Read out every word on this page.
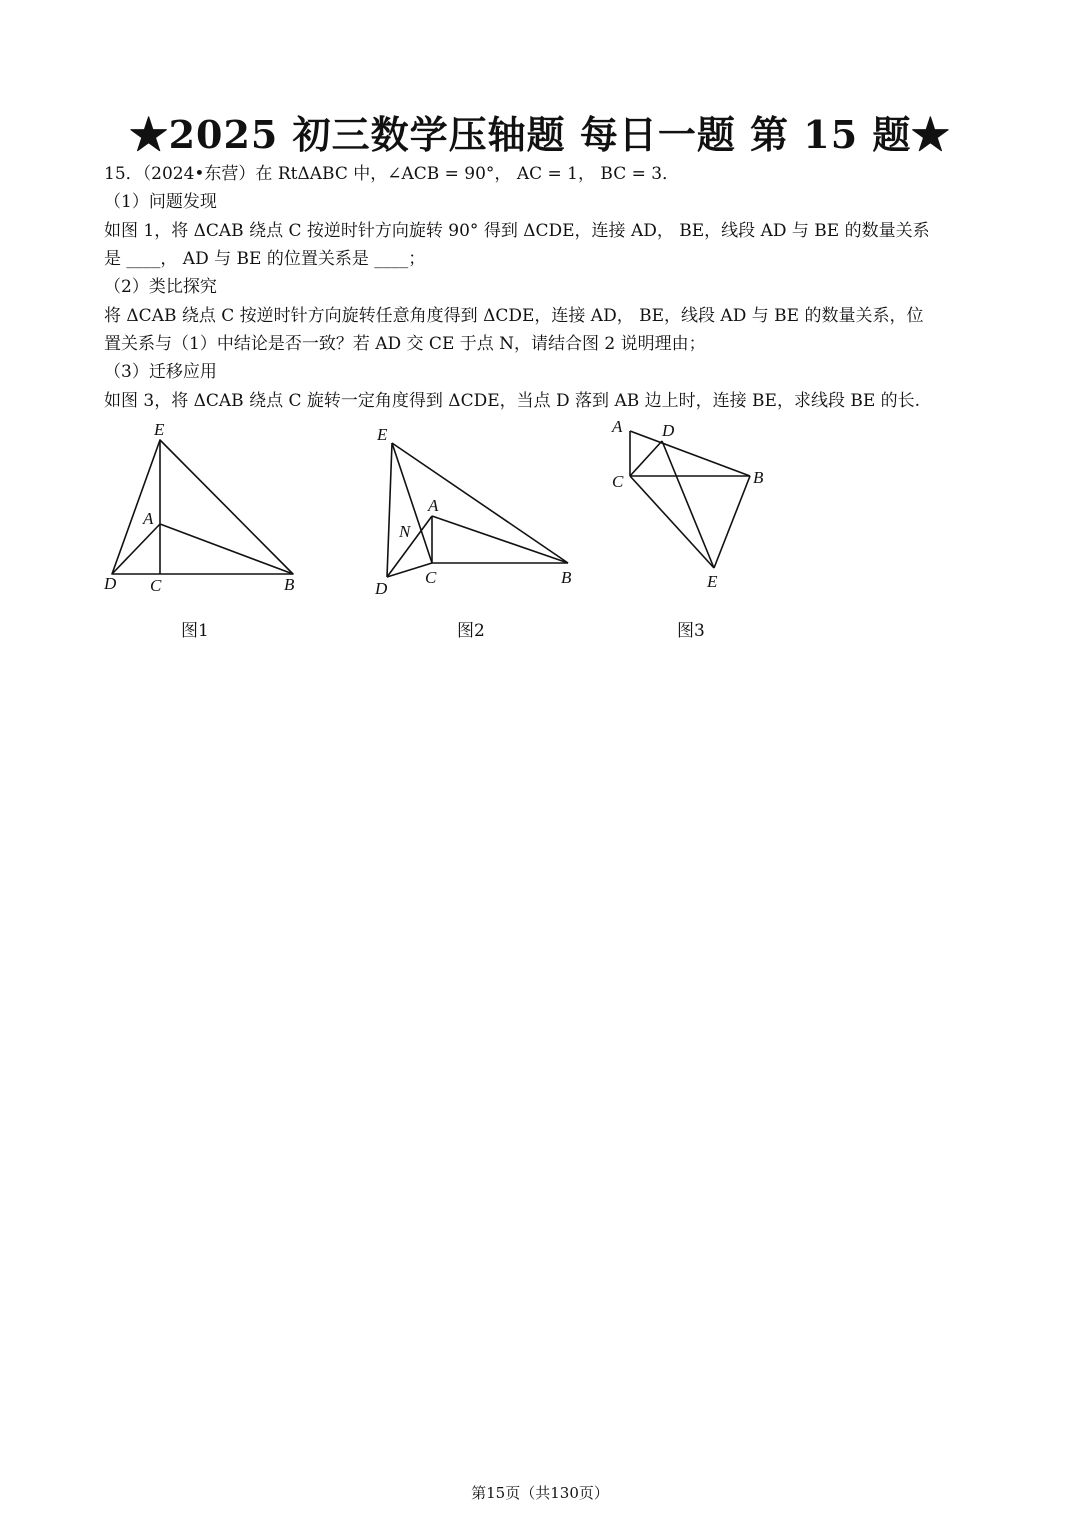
★2025 初三数学压轴题 每日一题 第 15 题★
15．（2024•东营）在 RtΔABC 中，∠ACB = 90°， AC = 1， BC = 3．
（1）问题发现
如图 1，将 ΔCAB 绕点 C 按逆时针方向旋转 90° 得到 ΔCDE，连接 AD， BE，线段 AD 与 BE 的数量关系
是 ____， AD 与 BE 的位置关系是 ____；
（2）类比探究
将 ΔCAB 绕点 C 按逆时针方向旋转任意角度得到 ΔCDE，连接 AD， BE，线段 AD 与 BE 的数量关系，位
置关系与（1）中结论是否一致？若 AD 交 CE 于点 N，请结合图 2 说明理由；
（3）迁移应用
如图 3，将 ΔCAB 绕点 C 旋转一定角度得到 ΔCDE，当点 D 落到 AB 边上时，连接 BE，求线段 BE 的长.
E
A
D C	B
E
A
N
D
C	B
A D
C	B
E
图1	图2	图3
第15页（共130页）
